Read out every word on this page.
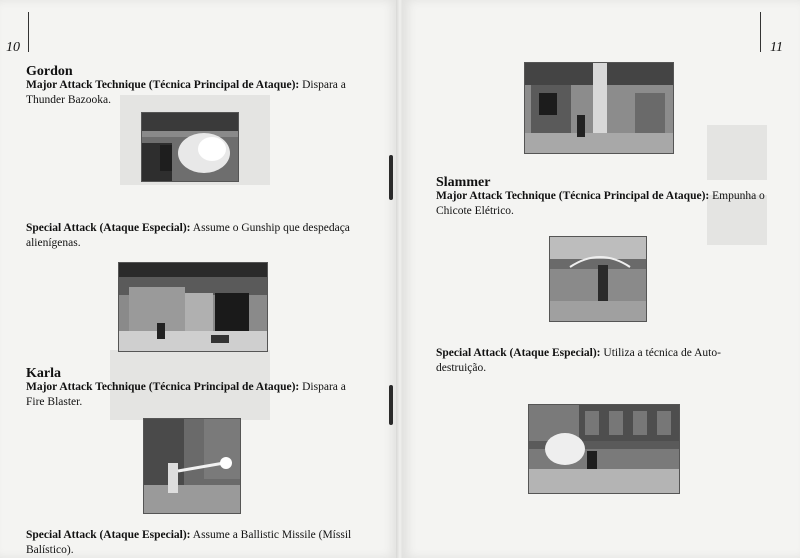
10
Gordon

Major Attack Technique (Técnica Principal de Ataque): Dispara a Thunder Bazooka.

Special Attack (Ataque Especial): Assume o Gunship que despedaça alienígenas.

Karla

Major Attack Technique (Técnica Principal de Ataque): Dispara a Fire Blaster.

Special Attack (Ataque Especial): Assume a Ballistic Missile (Míssil Balístico).

11
Slammer

Major Attack Technique (Técnica Principal de Ataque): Empunha o Chicote Elétrico.

Special Attack (Ataque Especial): Utiliza a técnica de Auto-destruição.
